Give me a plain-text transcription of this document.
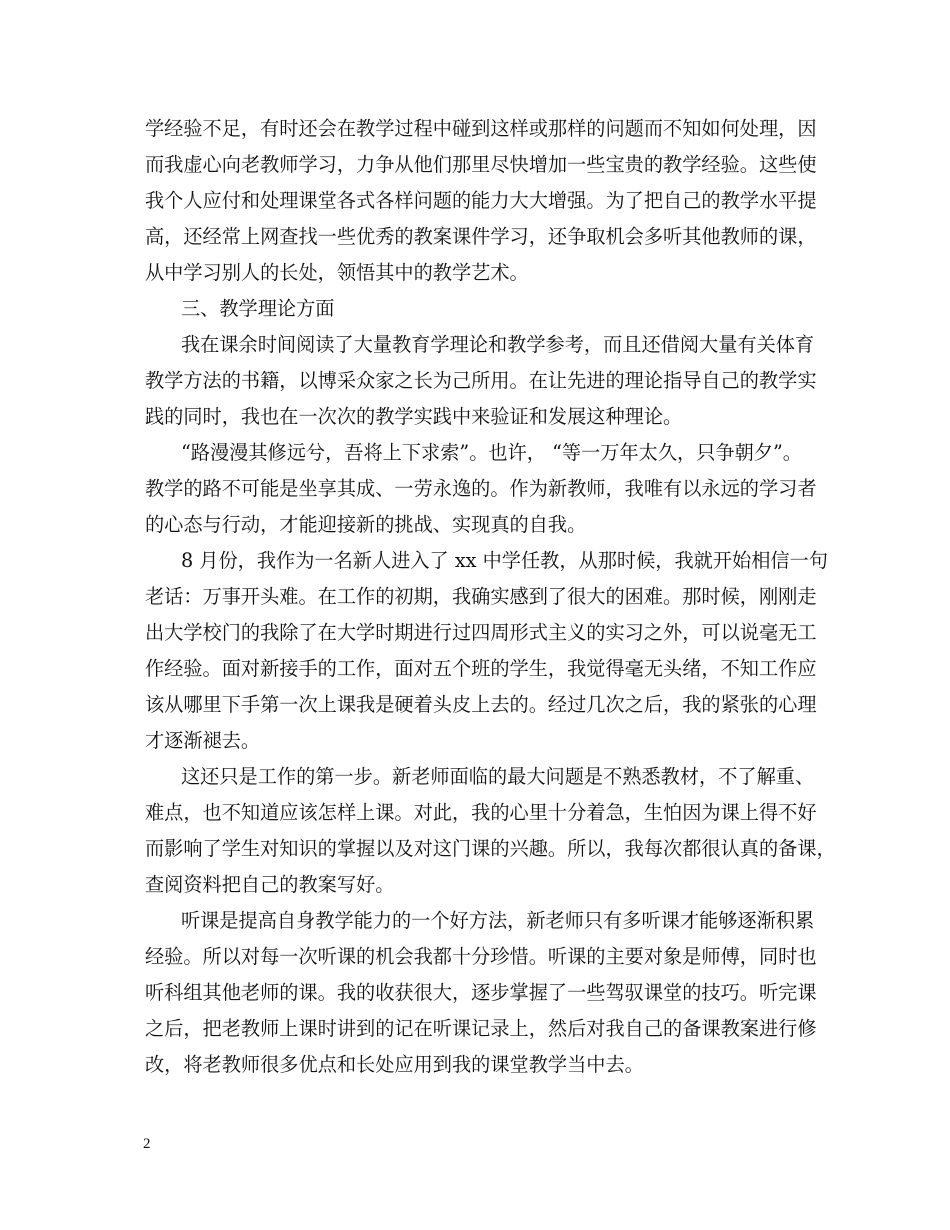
学经验不足，有时还会在教学过程中碰到这样或那样的问题而不知如何处理，因
而我虚心向老教师学习，力争从他们那里尽快增加一些宝贵的教学经验。这些使
我个人应付和处理课堂各式各样问题的能力大大增强。为了把自己的教学水平提
高，还经常上网查找一些优秀的教案课件学习，还争取机会多听其他教师的课，
从中学习别人的长处，领悟其中的教学艺术。
三、教学理论方面
我在课余时间阅读了大量教育学理论和教学参考，而且还借阅大量有关体育
教学方法的书籍，以博采众家之长为己所用。在让先进的理论指导自己的教学实
践的同时，我也在一次次的教学实践中来验证和发展这种理论。
“路漫漫其修远兮，吾将上下求索”。也许， “等一万年太久，只争朝夕”。
教学的路不可能是坐享其成、一劳永逸的。作为新教师，我唯有以永远的学习者
的心态与行动，才能迎接新的挑战、实现真的自我。
8 月份，我作为一名新人进入了 xx 中学任教，从那时候，我就开始相信一句
老话：万事开头难。在工作的初期，我确实感到了很大的困难。那时候，刚刚走
出大学校门的我除了在大学时期进行过四周形式主义的实习之外，可以说毫无工
作经验。面对新接手的工作，面对五个班的学生，我觉得毫无头绪，不知工作应
该从哪里下手第一次上课我是硬着头皮上去的。经过几次之后，我的紧张的心理
才逐渐褪去。
这还只是工作的第一步。新老师面临的最大问题是不熟悉教材，不了解重、
难点，也不知道应该怎样上课。对此，我的心里十分着急，生怕因为课上得不好
而影响了学生对知识的掌握以及对这门课的兴趣。所以，我每次都很认真的备课，
查阅资料把自己的教案写好。
听课是提高自身教学能力的一个好方法，新老师只有多听课才能够逐渐积累
经验。所以对每一次听课的机会我都十分珍惜。听课的主要对象是师傅，同时也
听科组其他老师的课。我的收获很大，逐步掌握了一些驾驭课堂的技巧。听完课
之后，把老教师上课时讲到的记在听课记录上，然后对我自己的备课教案进行修
改，将老教师很多优点和长处应用到我的课堂教学当中去。
2
